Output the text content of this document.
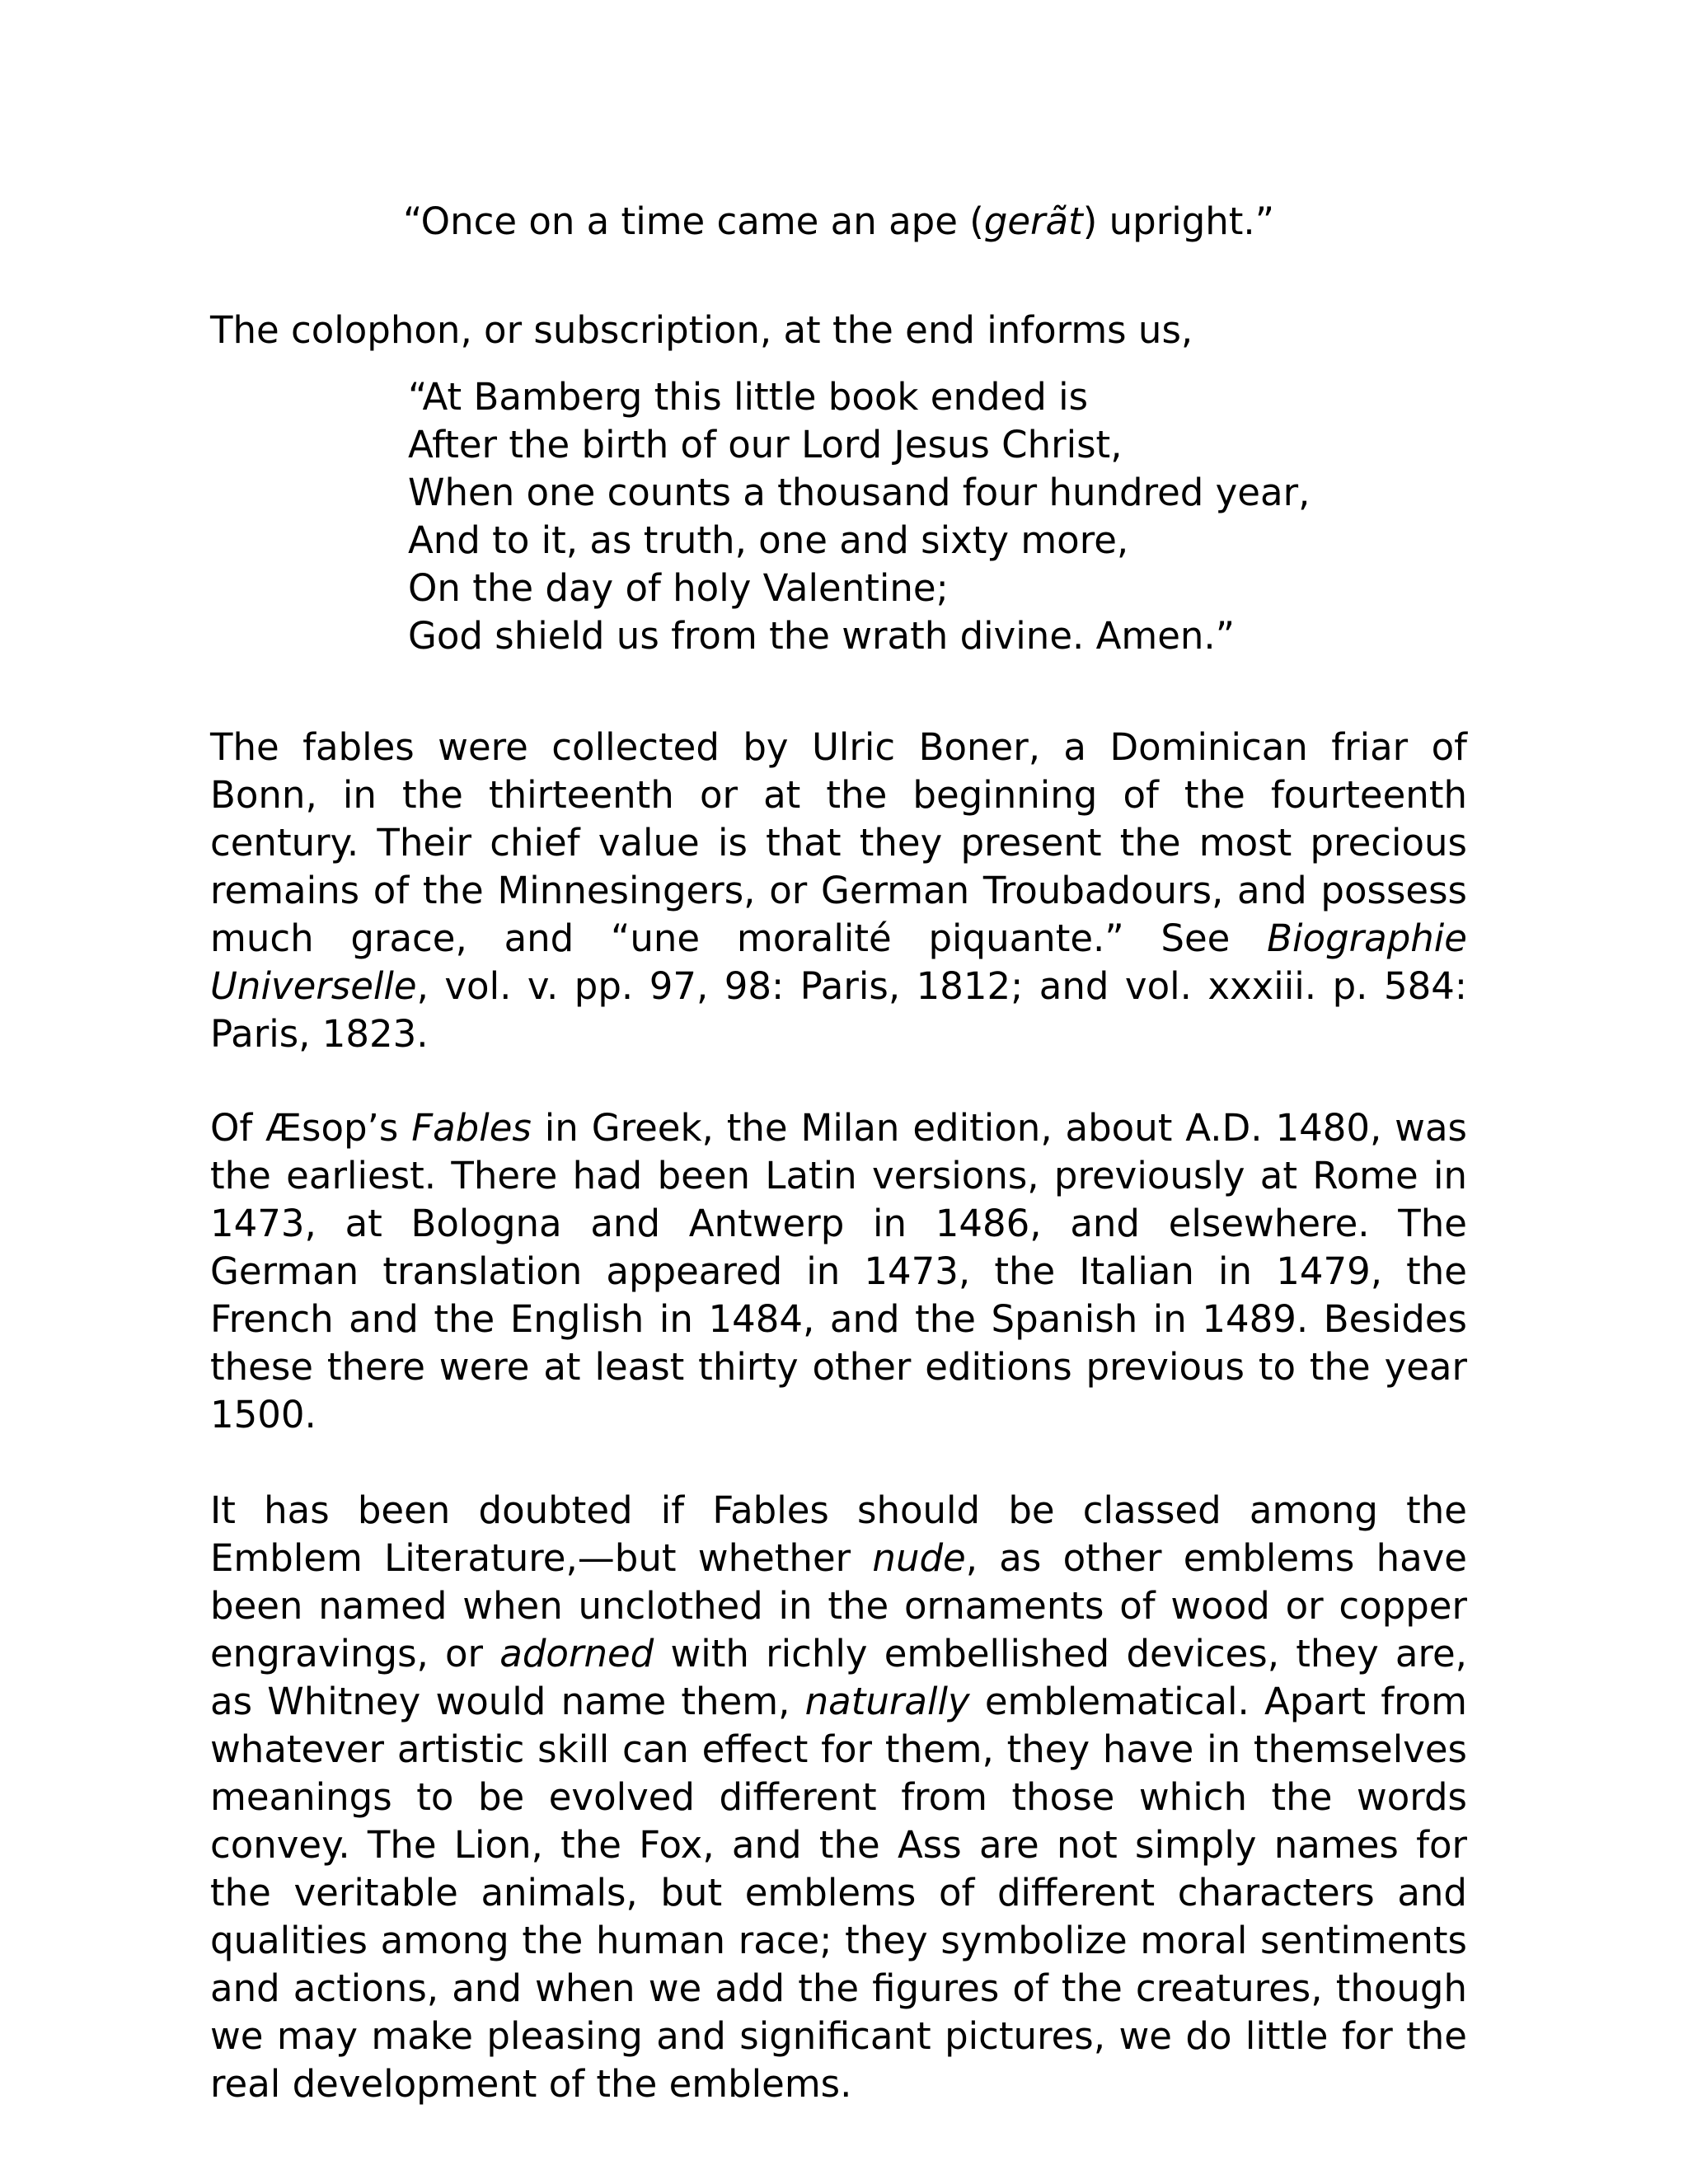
“Once on a time came an ape (gerãt) upright.”

The colophon, or subscription, at the end informs us,

“At Bamberg this little book ended is
After the birth of our Lord Jesus Christ,
When one counts a thousand four hundred year,
And to it, as truth, one and sixty more,
On the day of holy Valentine;
God shield us from the wrath divine. Amen.”

The fables were collected by Ulric Boner, a Dominican friar of Bonn, in the thirteenth or at the beginning of the fourteenth century. Their chief value is that they present the most precious remains of the Minnesingers, or German Troubadours, and possess much grace, and “une moralité piquante.” See Biographie Universelle, vol. v. pp. 97, 98: Paris, 1812; and vol. xxxiii. p. 584: Paris, 1823.

Of Æsop’s Fables in Greek, the Milan edition, about A.D. 1480, was the earliest. There had been Latin versions, previously at Rome in 1473, at Bologna and Antwerp in 1486, and elsewhere. The German translation appeared in 1473, the Italian in 1479, the French and the English in 1484, and the Spanish in 1489. Besides these there were at least thirty other editions previous to the year 1500.

It has been doubted if Fables should be classed among the Emblem Literature,—but whether nude, as other emblems have been named when unclothed in the ornaments of wood or copper engravings, or adorned with richly embellished devices, they are, as Whitney would name them, naturally emblematical. Apart from whatever artistic skill can effect for them, they have in themselves meanings to be evolved different from those which the words convey. The Lion, the Fox, and the Ass are not simply names for the veritable animals, but emblems of different characters and qualities among the human race; they symbolize moral sentiments and actions, and when we add the figures of the creatures, though we may make pleasing and significant pictures, we do little for the real development of the emblems.
